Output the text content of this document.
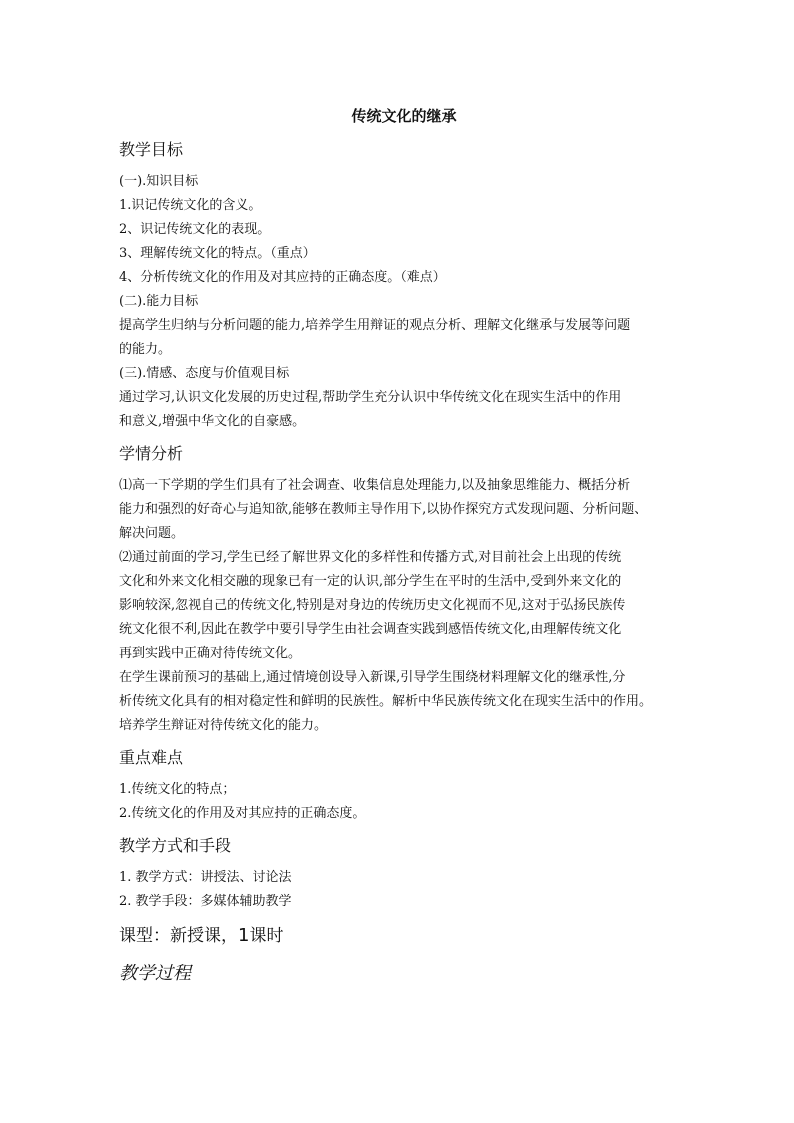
传统文化的继承
教学目标

(一).知识目标

1.识记传统文化的含义。

2、识记传统文化的表现。

3、理解传统文化的特点。（重点）

4、分析传统文化的作用及对其应持的正确态度。（难点）

(二).能力目标

提高学生归纳与分析问题的能力,培养学生用辩证的观点分析、理解文化继承与发展等问题

的能力。

(三).情感、态度与价值观目标

通过学习,认识文化发展的历史过程,帮助学生充分认识中华传统文化在现实生活中的作用

和意义,增强中华文化的自豪感。

学情分析

⑴高一下学期的学生们具有了社会调查、收集信息处理能力,以及抽象思维能力、概括分析

能力和强烈的好奇心与追知欲,能够在教师主导作用下,以协作探究方式发现问题、分析问题、

解决问题。

⑵通过前面的学习,学生已经了解世界文化的多样性和传播方式,对目前社会上出现的传统

文化和外来文化相交融的现象已有一定的认识,部分学生在平时的生活中,受到外来文化的

影响较深,忽视自己的传统文化,特别是对身边的传统历史文化视而不见,这对于弘扬民族传

统文化很不利,因此在教学中要引导学生由社会调查实践到感悟传统文化,由理解传统文化

再到实践中正确对待传统文化。

在学生课前预习的基础上,通过情境创设导入新课,引导学生围绕材料理解文化的继承性,分

析传统文化具有的相对稳定性和鲜明的民族性。解析中华民族传统文化在现实生活中的作用。

培养学生辩证对待传统文化的能力。

重点难点

1.传统文化的特点；

2.传统文化的作用及对其应持的正确态度。

教学方式和手段

1. 教学方式：讲授法、讨论法

2. 教学手段：多媒体辅助教学

课型：新授课，1课时
教学过程
